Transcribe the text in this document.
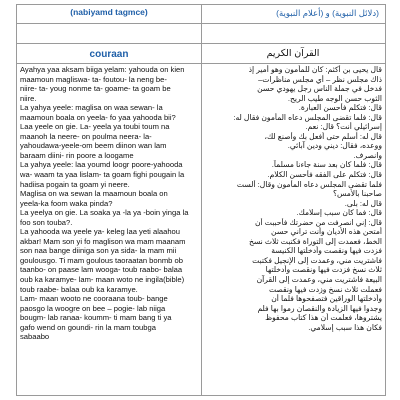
(nabiyamd tagmce)	(دلائل النبوية) و (أعلام النبوية)
couraan	القرآن الكريم
Ayahya yaa aksam biiga yelam: yahouda on kien
maamoun magliswa- ta- foutou- la neng be-
niire- ta- youg nonme ta- goame- ta goam be
niire.
La yahya yeele: maglisa on waa sewan- la
maamoun boala on yeela- fo yaa yahooda bii?
Laa yeele on gie. La- yeela ya toubi toum na
maanoh la neere- on poulma neera- la-
yahoudawa-yeele-om beem diinon wan lam
baraam diini- rin poore a loogame
La yahya yeele: laa youmd loogr poore-yahooda
wa- waam ta yaa lislam- ta goam fighi pougain la
hadiisa pogain ta goam yi neere.
Maglisa on wa sewan la maamoun boala on
yeela-ka foom waka pinda?
La yeelya on gie. La soaka ya -la ya -boin yinga la
foo son touba?.
La yahooda wa yeele ya- keleg laa yeti alaahou
akbar! Mam son yi fo maglison wa mam maanam
son naa bange diiniga son ya sida- la mam mii
goulousgo. Ti mam goulous taoraatan bonmb ob
taanbo- on paase lam wooga- toub raabo- balaa
oub ka karamye- lam- maan woto ne ingila(bible)
toub raabe- balaa oub ka karamye.
Lam- maan wooto ne cooraana toub- bange
paosgo la woogre on bee – pogie- lab niiga
bougm- lab ranaa- koumm- ti mam bang ti ya
gafo wend on goundi- rin la mam toubga
sabaabo
قال يحيى بن أكثم: كان للمأمون وهو أمير إذ
ذاك مجلس نظر – أي مجلس مناظرات–
فدخل في جملة الناس رجل يهودي حسن
الثوب حسن الوجه طيب الريح.
قال: فتكلم فأحسن العبارة.
قال: فلما تقضى المجلس دعاه المأمون فقال له:
إسرائيلي أنت؟ قال: نعم.
قال له: أسلم حتى أفعل بك وأصنع لك،
ووعده، فقال: ديني ودين آبائي.
وانصرف.
قال: فلما كان بعد سنة جاءنا مسلماً.
قال: فتكلم على الفقه فأحسن الكلام.
فلما تقضى المجلس دعاه المأمون وقال: ألست
صاحبنا بالأمس؟
قال له: بلى.
قال: فما كان سبب إسلامك.
قال: إني انصرفت من حضرتك فأحببت أن
أمتحن هذه الأديان وأنت تراني حسن
الخط، فعمدت إلى التوراة فكتبت ثلاث نسخ
فزدت فيها ونقصت وأدخلتها الكنيسة
فاشتريت مني، وعمدت إلى الإنجيل فكتبت
ثلاث نسخ فزدت فيها ونقصت وأدخلتها
البيعة فاشتريت مني، وعمدت إلى القرآن
فعملت ثلاث نسخ وزدت فيها ونقصت
وأدخلتها الوراقين فتصفحوها فلما أن
وجدوا فيها الزيادة والنقصان رموا بها فلم
يشتروها، فعلمت أن هذا كتاب محفوظ
فكان هذا سبب إسلامي.
